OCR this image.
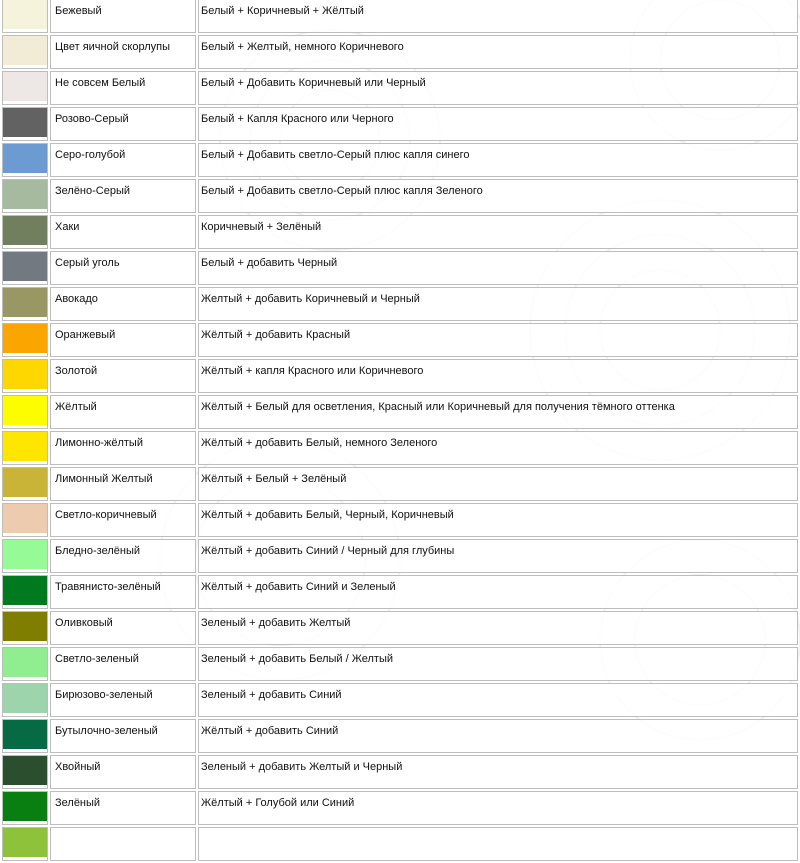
	Бежевый	Белый + Коричневый + Жёлтый

	Цвет яичной скорлупы	Белый + Желтый, немного Коричневого

	Не совсем Белый	Белый + Добавить Коричневый или Черный

	Розово-Серый	Белый + Капля Красного или Черного

	Серо-голубой	Белый + Добавить светло-Серый плюс капля синего

	Зелёно-Серый	Белый + Добавить светло-Серый плюс капля Зеленого

	Хаки	Коричневый + Зелёный

	Серый уголь	Белый + добавить Черный

	Авокадо	Желтый + добавить Коричневый и Черный

	Оранжевый	Жёлтый + добавить Красный

	Золотой	Жёлтый + капля Красного или Коричневого

	Жёлтый	Жёлтый + Белый для осветления, Красный или Коричневый для получения тёмного оттенка

	Лимонно-жёлтый	Жёлтый + добавить Белый, немного Зеленого

	Лимонный Желтый	Жёлтый + Белый + Зелёный

	Светло-коричневый	Жёлтый + добавить Белый, Черный, Коричневый

	Бледно-зелёный	Жёлтый + добавить Синий / Черный для глубины

	Травянисто-зелёный	Жёлтый + добавить Синий и Зеленый

	Оливковый	Зеленый + добавить Желтый

	Светло-зеленый	Зеленый + добавить Белый / Желтый

	Бирюзово-зеленый	Зеленый + добавить Синий

	Бутылочно-зеленый	Жёлтый + добавить Синий

	Хвойный	Зеленый + добавить Желтый и Черный

	Зелёный	Жёлтый + Голубой или Синий
